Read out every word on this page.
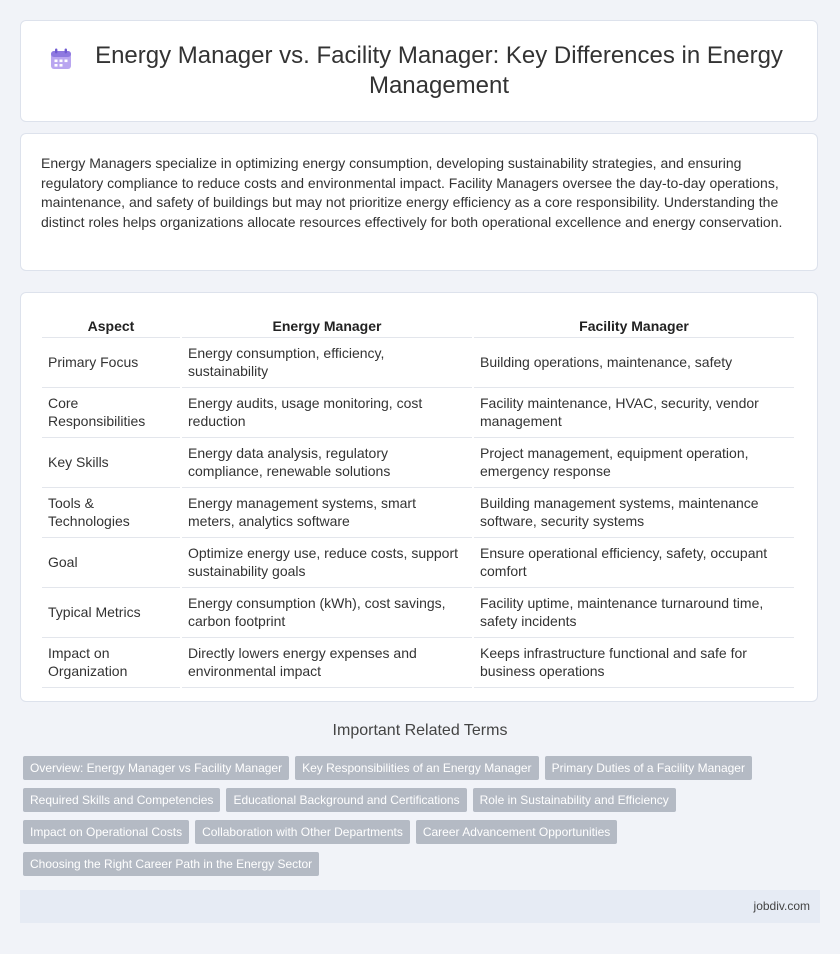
Energy Manager vs. Facility Manager: Key Differences in Energy Management

Energy Managers specialize in optimizing energy consumption, developing sustainability strategies, and ensuring regulatory compliance to reduce costs and environmental impact. Facility Managers oversee the day-to-day operations, maintenance, and safety of buildings but may not prioritize energy efficiency as a core responsibility. Understanding the distinct roles helps organizations allocate resources effectively for both operational excellence and energy conservation.

Aspect	Energy Manager	Facility Manager
Primary Focus	Energy consumption, efficiency, sustainability	Building operations, maintenance, safety
Core Responsibilities	Energy audits, usage monitoring, cost reduction	Facility maintenance, HVAC, security, vendor management
Key Skills	Energy data analysis, regulatory compliance, renewable solutions	Project management, equipment operation, emergency response
Tools & Technologies	Energy management systems, smart meters, analytics software	Building management systems, maintenance software, security systems
Goal	Optimize energy use, reduce costs, support sustainability goals	Ensure operational efficiency, safety, occupant comfort
Typical Metrics	Energy consumption (kWh), cost savings, carbon footprint	Facility uptime, maintenance turnaround time, safety incidents
Impact on Organization	Directly lowers energy expenses and environmental impact	Keeps infrastructure functional and safe for business operations
Important Related Terms
Overview: Energy Manager vs Facility Manager	Key Responsibilities of an Energy Manager	Primary Duties of a Facility Manager
Required Skills and Competencies	Educational Background and Certifications	Role in Sustainability and Efficiency
Impact on Operational Costs	Collaboration with Other Departments	Career Advancement Opportunities
Choosing the Right Career Path in the Energy Sector
jobdiv.com
